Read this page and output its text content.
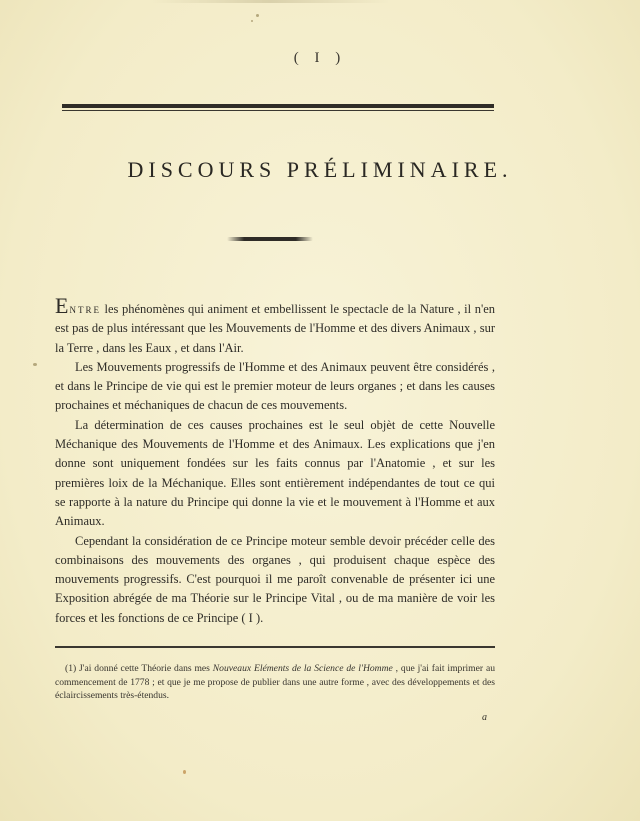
( I )
DISCOURS PRÉLIMINAIRE.

Entre les phénomènes qui animent et embellissent le spectacle de la Nature , il n'en est pas de plus intéressant que les Mouvements de l'Homme et des divers Animaux , sur la Terre , dans les Eaux , et dans l'Air.

Les Mouvements progressifs de l'Homme et des Animaux peuvent être considérés , et dans le Principe de vie qui est le premier moteur de leurs organes ; et dans les causes prochaines et méchaniques de chacun de ces mouvements.

La détermination de ces causes prochaines est le seul objèt de cette Nouvelle Méchanique des Mouvements de l'Homme et des Animaux. Les explications que j'en donne sont uniquement fondées sur les faits connus par l'Anatomie , et sur les premières loix de la Méchanique. Elles sont entièrement indépendantes de tout ce qui se rapporte à la nature du Principe qui donne la vie et le mouvement à l'Homme et aux Animaux.

Cependant la considération de ce Principe moteur semble devoir précéder celle des combinaisons des mouvements des organes , qui produisent chaque espèce des mouvements progressifs. C'est pourquoi il me paroît convenable de présenter ici une Exposition abrégée de ma Théorie sur le Principe Vital , ou de ma manière de voir les forces et les fonctions de ce Principe ( I ).

(1) J'ai donné cette Théorie dans mes Nouveaux Eléments de la Science de l'Homme , que j'ai fait imprimer au commencement de 1778 ; et que je me propose de publier dans une autre forme , avec des développements et des éclaircissements très-étendus.

a
